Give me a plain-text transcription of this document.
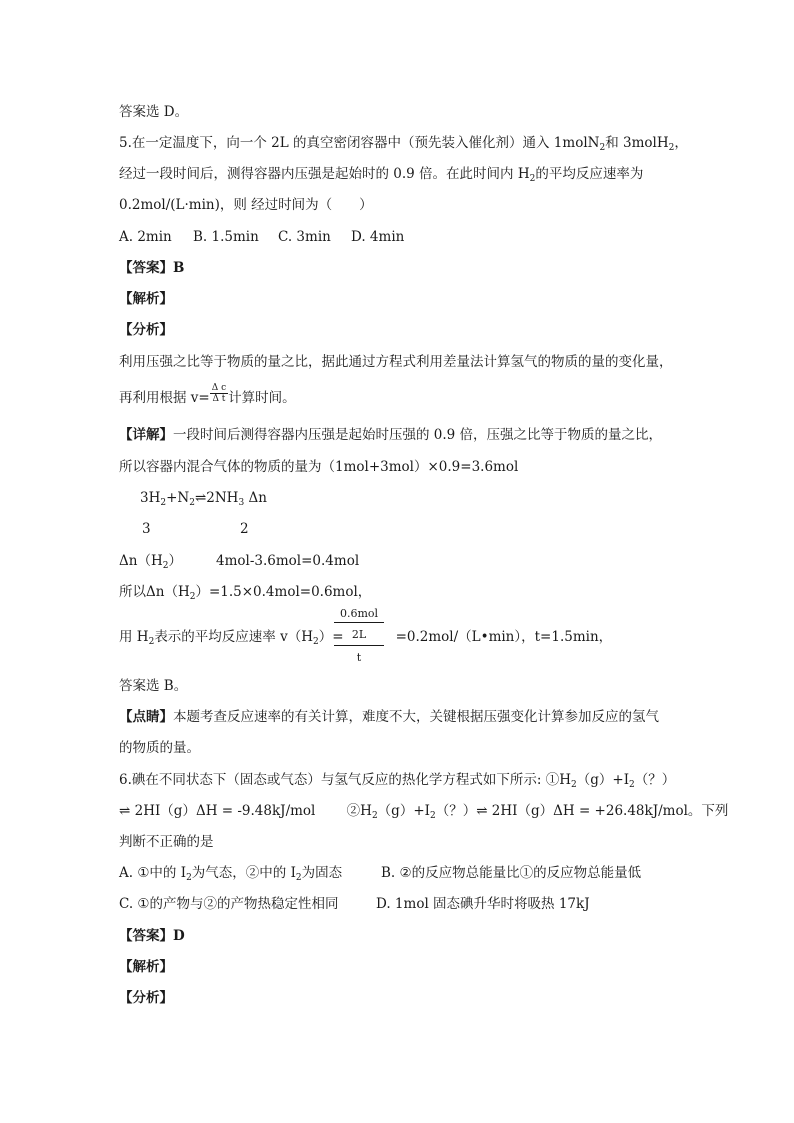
答案选 D。
5.在一定温度下，向一个 2L 的真空密闭容器中（预先装入催化剂）通入 1molN$_2$和 3molH$_2$，
经过一段时间后，测得容器内压强是起始时的 0.9 倍。在此时间内 $H_2$的平均反应速率为
0.2mol/(L·min)，则 经过时间为（　　）
A. 2min B. 1.5min C. 3min D. 4min
【答案】B
【解析】
【分析】
利用压强之比等于物质的量之比，据此通过方程式利用差量法计算氢气的物质的量的变化量，
再利用根据 $v= \frac{\text{Δ c}}{\text{Δ t}}$ 计算时间。
【详解】一段时间后测得容器内压强是起始时压强的 0.9 倍，压强之比等于物质的量之比，
所以容器内混合气体的物质的量为（1mol+3mol）×0.9=3.6mol
$3H_2+N_2\rightleftharpoons 2NH_3$ Δn
3	2
$\Delta n(H_2)$	4mol-3.6mol=0.4mol
所以$\Delta n(H_2)=1.5\times 0.4mol=0.6mol$，
用 $H_2$表示的平均反应速率 $v(H_2)=$	=0.2mol/（L•min），t=1.5min，
0.6mol
2L
t
答案选 B。
【点睛】本题考查反应速率的有关计算，难度不大，关键根据压强变化计算参加反应的氢气
的物质的量。
6.碘在不同状态下（固态或气态）与氢气反应的热化学方程式如下所示: $①H_2(g)+I_2$（？）
⇌ 2HI（g）ΔH = -9.48kJ/mol　　 $②H_2(g)+I_2$（？）⇌ 2HI（g）ΔH = +26.48kJ/mol。下列
判断不正确的是
A. ①中的 $I_2$为气态，②中的 $I_2$为固态	B. ②的反应物总能量比①的反应物总能量低
C. ①的产物与②的产物热稳定性相同	D. 1mol 固态碘升华时将吸热 17kJ
【答案】D
【解析】
【分析】
